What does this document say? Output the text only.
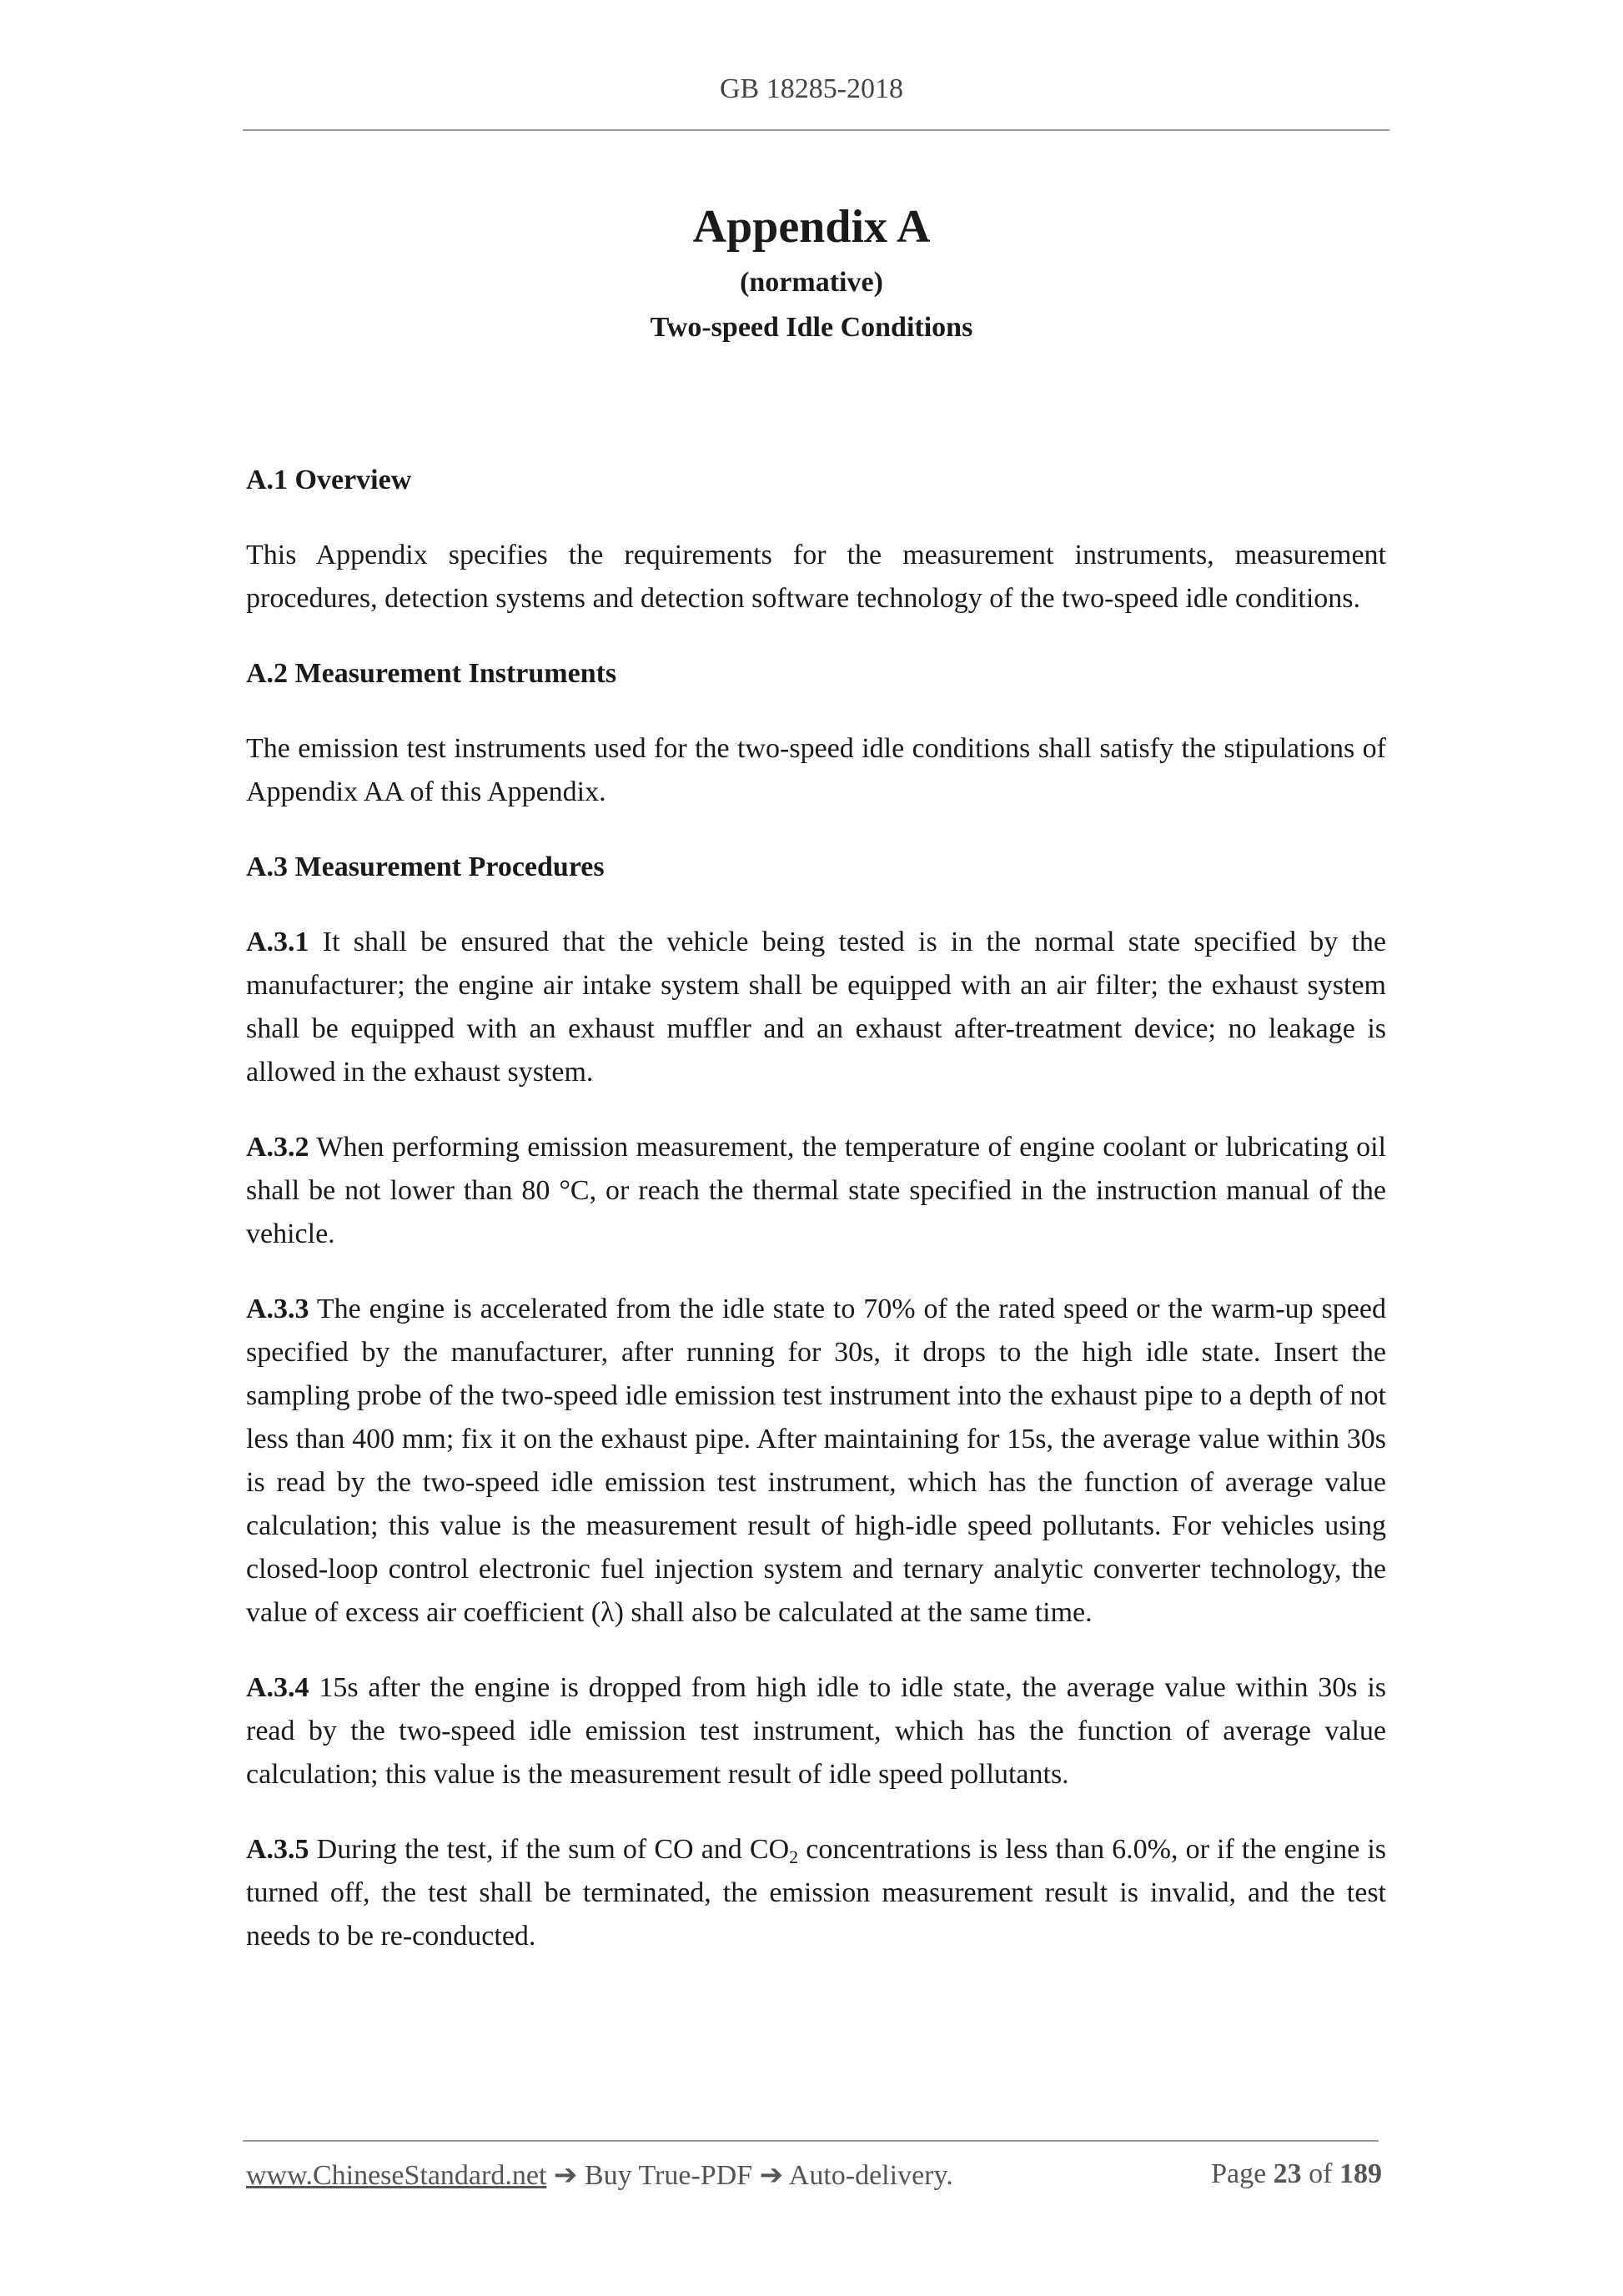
GB 18285-2018

Appendix A

(normative)

Two-speed Idle Conditions

A.1 Overview

This Appendix specifies the requirements for the measurement instruments, measurement procedures, detection systems and detection software technology of the two-speed idle conditions.

A.2 Measurement Instruments

The emission test instruments used for the two-speed idle conditions shall satisfy the stipulations of Appendix AA of this Appendix.

A.3 Measurement Procedures

A.3.1 It shall be ensured that the vehicle being tested is in the normal state specified by the manufacturer; the engine air intake system shall be equipped with an air filter; the exhaust system shall be equipped with an exhaust muffler and an exhaust after-treatment device; no leakage is allowed in the exhaust system.

A.3.2 When performing emission measurement, the temperature of engine coolant or lubricating oil shall be not lower than 80 °C, or reach the thermal state specified in the instruction manual of the vehicle.

A.3.3 The engine is accelerated from the idle state to 70% of the rated speed or the warm-up speed specified by the manufacturer, after running for 30s, it drops to the high idle state. Insert the sampling probe of the two-speed idle emission test instrument into the exhaust pipe to a depth of not less than 400 mm; fix it on the exhaust pipe. After maintaining for 15s, the average value within 30s is read by the two-speed idle emission test instrument, which has the function of average value calculation; this value is the measurement result of high-idle speed pollutants. For vehicles using closed-loop control electronic fuel injection system and ternary analytic converter technology, the value of excess air coefficient (λ) shall also be calculated at the same time.

A.3.4 15s after the engine is dropped from high idle to idle state, the average value within 30s is read by the two-speed idle emission test instrument, which has the function of average value calculation; this value is the measurement result of idle speed pollutants.

A.3.5 During the test, if the sum of CO and $CO_2$ concentrations is less than 6.0%, or if the engine is turned off, the test shall be terminated, the emission measurement result is invalid, and the test needs to be re-conducted.

www.ChineseStandard.net ➔ Buy True-PDF ➔ Auto-delivery.	Page 23 of 189
